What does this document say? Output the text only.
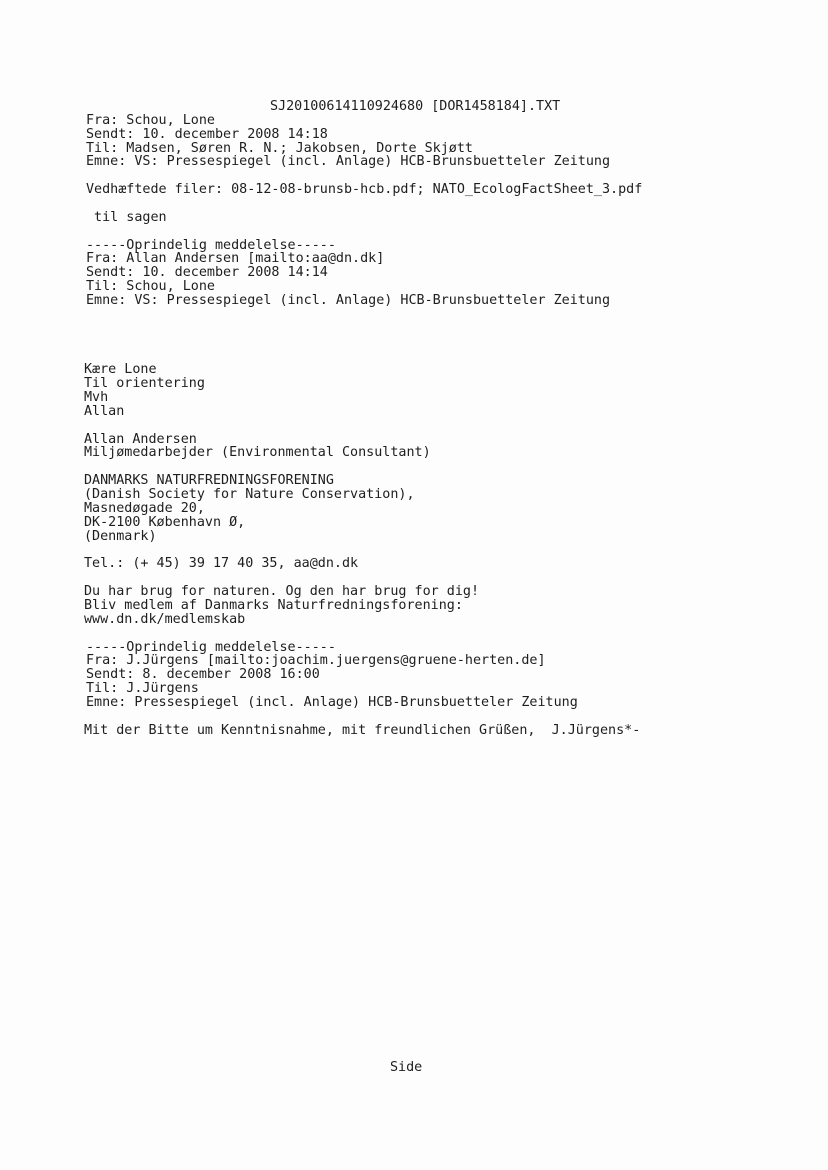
SJ20100614110924680 [DOR1458184].TXT
Fra: Schou, Lone
Sendt: 10. december 2008 14:18
Til: Madsen, Søren R. N.; Jakobsen, Dorte Skjøtt
Emne: VS: Pressespiegel (incl. Anlage) HCB-Brunsbuetteler Zeitung
Vedhæftede filer: 08-12-08-brunsb-hcb.pdf; NATO_EcologFactSheet_3.pdf
til sagen
-----Oprindelig meddelelse-----
Fra: Allan Andersen [mailto:aa@dn.dk]
Sendt: 10. december 2008 14:14
Til: Schou, Lone
Emne: VS: Pressespiegel (incl. Anlage) HCB-Brunsbuetteler Zeitung
Kære Lone
Til orientering
Mvh
Allan
Allan Andersen
Miljømedarbejder (Environmental Consultant)
DANMARKS NATURFREDNINGSFORENING
(Danish Society for Nature Conservation),
Masnedøgade 20,
DK-2100 København Ø,
(Denmark)
Tel.: (+ 45) 39 17 40 35, aa@dn.dk
Du har brug for naturen. Og den har brug for dig!
Bliv medlem af Danmarks Naturfredningsforening:
www.dn.dk/medlemskab
-----Oprindelig meddelelse-----
Fra: J.Jürgens [mailto:joachim.juergens@gruene-herten.de]
Sendt: 8. december 2008 16:00
Til: J.Jürgens
Emne: Pressespiegel (incl. Anlage) HCB-Brunsbuetteler Zeitung
Mit der Bitte um Kenntnisnahme, mit freundlichen Grüßen,  J.Jürgens*-
Side
